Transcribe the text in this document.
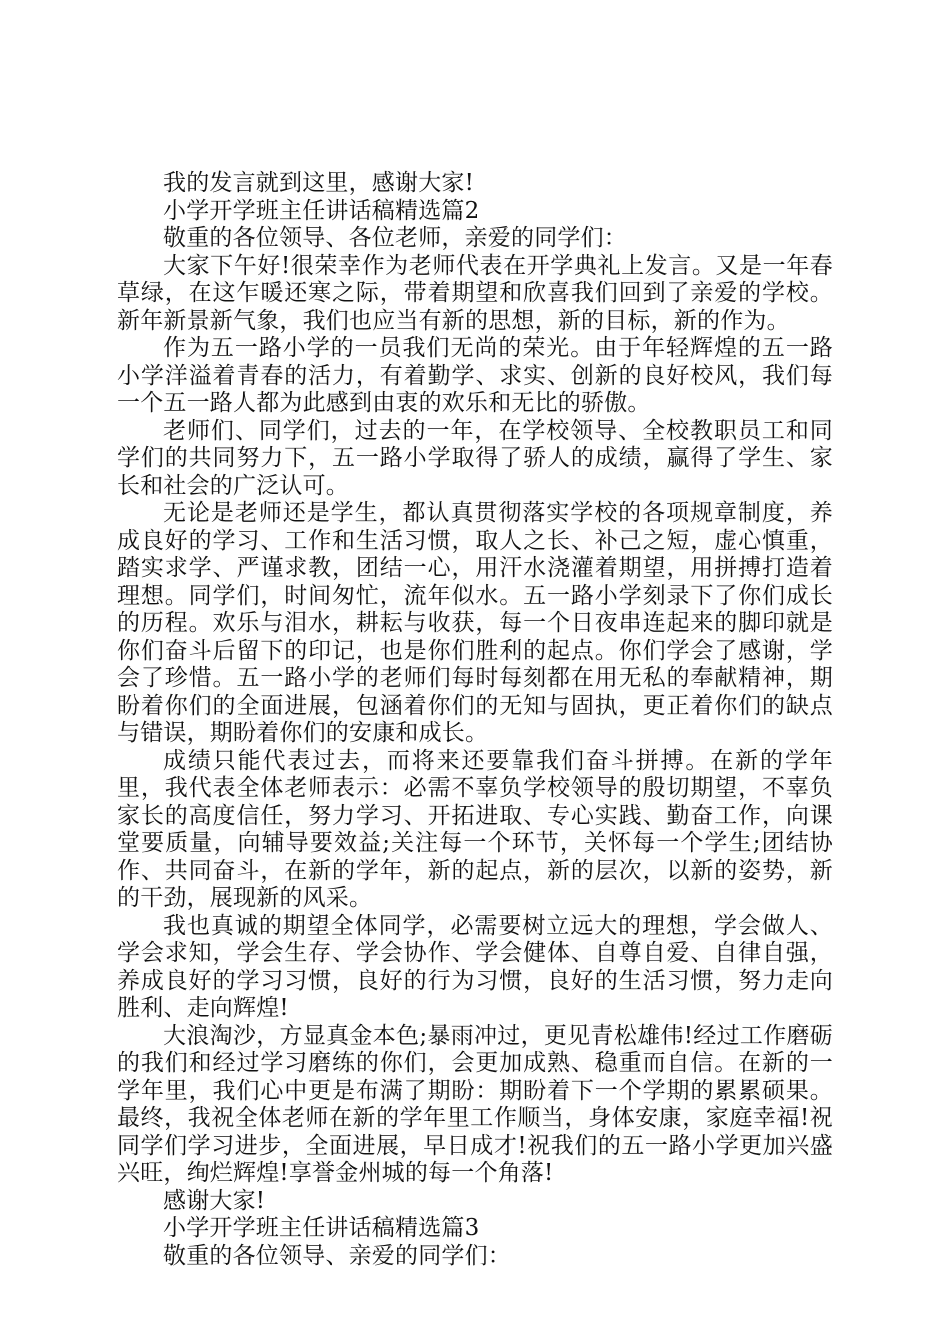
我的发言就到这里，感谢大家!

小学开学班主任讲话稿精选篇2

敬重的各位领导、各位老师，亲爱的同学们：

大家下午好!很荣幸作为老师代表在开学典礼上发言。又是一年春草绿，在这乍暖还寒之际，带着期望和欣喜我们回到了亲爱的学校。新年新景新气象，我们也应当有新的思想，新的目标，新的作为。

作为五一路小学的一员我们无尚的荣光。由于年轻辉煌的五一路小学洋溢着青春的活力，有着勤学、求实、创新的良好校风，我们每一个五一路人都为此感到由衷的欢乐和无比的骄傲。

老师们、同学们，过去的一年，在学校领导、全校教职员工和同学们的共同努力下，五一路小学取得了骄人的成绩，赢得了学生、家长和社会的广泛认可。

无论是老师还是学生，都认真贯彻落实学校的各项规章制度，养成良好的学习、工作和生活习惯，取人之长、补己之短，虚心慎重，踏实求学、严谨求教，团结一心，用汗水浇灌着期望，用拼搏打造着理想。同学们，时间匆忙，流年似水。五一路小学刻录下了你们成长的历程。欢乐与泪水，耕耘与收获，每一个日夜串连起来的脚印就是你们奋斗后留下的印记，也是你们胜利的起点。你们学会了感谢，学会了珍惜。五一路小学的老师们每时每刻都在用无私的奉献精神，期盼着你们的全面进展，包涵着你们的无知与固执，更正着你们的缺点与错误，期盼着你们的安康和成长。

成绩只能代表过去，而将来还要靠我们奋斗拼搏。在新的学年里，我代表全体老师表示：必需不辜负学校领导的殷切期望，不辜负家长的高度信任，努力学习、开拓进取、专心实践、勤奋工作，向课堂要质量，向辅导要效益;关注每一个环节，关怀每一个学生;团结协作、共同奋斗，在新的学年，新的起点，新的层次，以新的姿势，新的干劲，展现新的风采。

我也真诚的期望全体同学，必需要树立远大的理想，学会做人、学会求知，学会生存、学会协作、学会健体、自尊自爱、自律自强，养成良好的学习习惯，良好的行为习惯，良好的生活习惯，努力走向胜利、走向辉煌!

大浪淘沙，方显真金本色;暴雨冲过，更见青松雄伟!经过工作磨砺的我们和经过学习磨练的你们，会更加成熟、稳重而自信。在新的一学年里，我们心中更是布满了期盼：期盼着下一个学期的累累硕果。最终，我祝全体老师在新的学年里工作顺当，身体安康，家庭幸福!祝同学们学习进步，全面进展，早日成才!祝我们的五一路小学更加兴盛兴旺，绚烂辉煌!享誉金州城的每一个角落!

感谢大家!

小学开学班主任讲话稿精选篇3

敬重的各位领导、亲爱的同学们：
